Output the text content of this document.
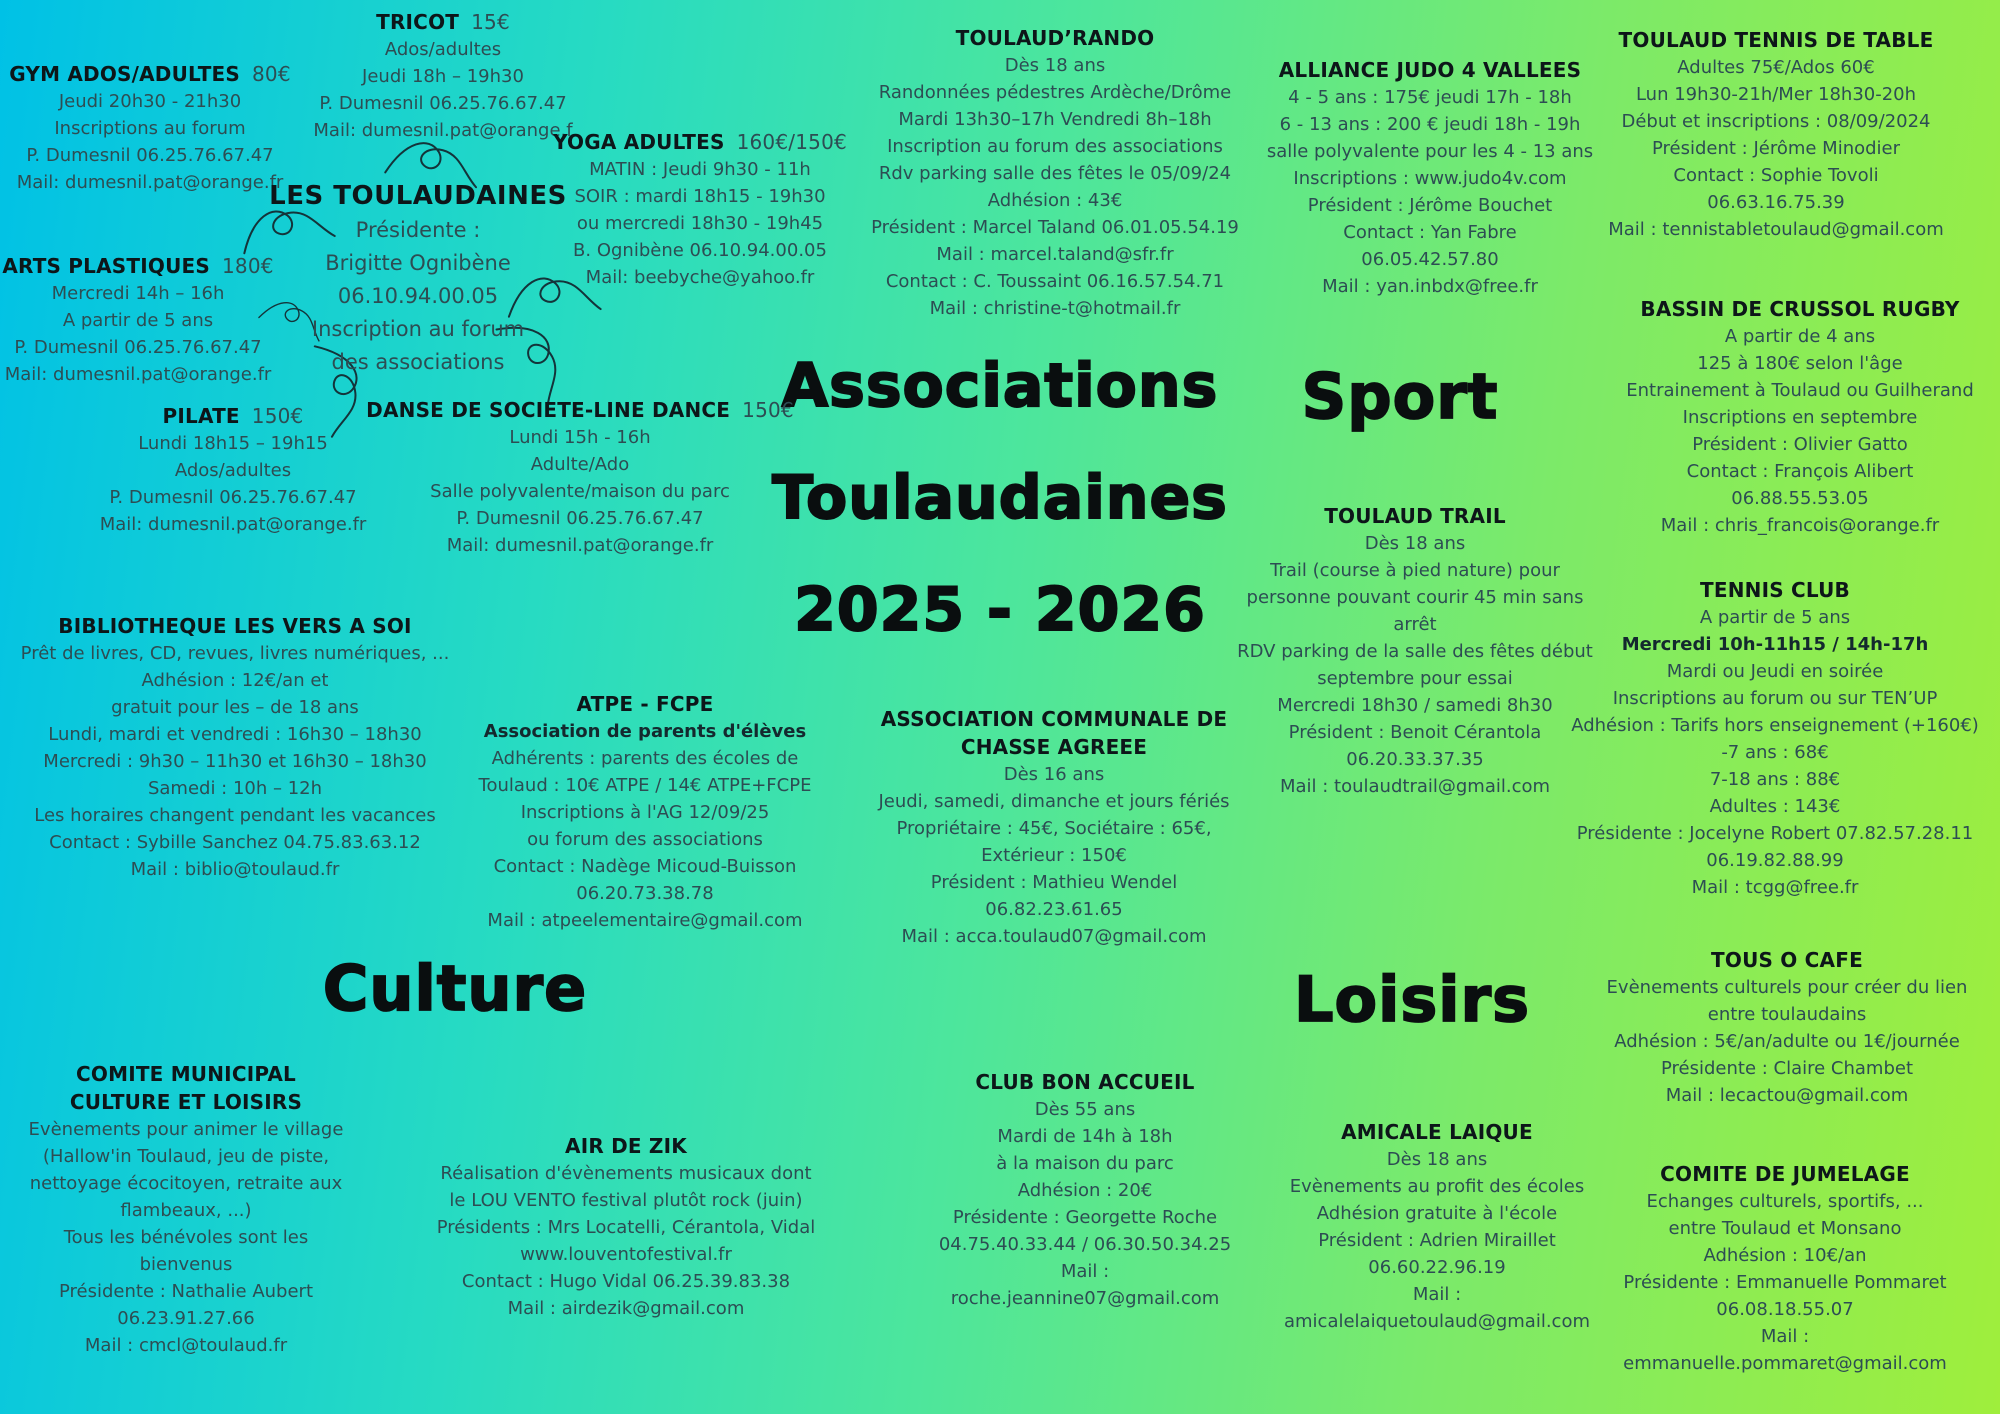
Associations
Toulaudaines
2025 - 2026
Culture
Sport
Loisirs
GYM ADOS/ADULTES 80€
Jeudi 20h30 - 21h30
Inscriptions au forum
P. Dumesnil 06.25.76.67.47
Mail: dumesnil.pat@orange.fr
TRICOT 15€
Ados/adultes
Jeudi 18h – 19h30
P. Dumesnil 06.25.76.67.47
Mail: dumesnil.pat@orange.f
ARTS PLASTIQUES 180€
Mercredi 14h – 16h
A partir de 5 ans
P. Dumesnil 06.25.76.67.47
Mail: dumesnil.pat@orange.fr
LES TOULAUDAINES
Présidente :
Brigitte Ognibène
06.10.94.00.05
Inscription au forum
des associations
YOGA ADULTES 160€/150€
MATIN : Jeudi 9h30 - 11h
SOIR : mardi 18h15 - 19h30
ou mercredi 18h30 - 19h45
B. Ognibène 06.10.94.00.05
Mail: beebyche@yahoo.fr
PILATE 150€
Lundi 18h15 – 19h15
Ados/adultes
P. Dumesnil 06.25.76.67.47
Mail: dumesnil.pat@orange.fr
DANSE DE SOCIETE-LINE DANCE 150€
Lundi 15h - 16h
Adulte/Ado
Salle polyvalente/maison du parc
P. Dumesnil 06.25.76.67.47
Mail: dumesnil.pat@orange.fr
BIBLIOTHEQUE LES VERS A SOI
Prêt de livres, CD, revues, livres numériques, ...
Adhésion : 12€/an et
gratuit pour les – de 18 ans
Lundi, mardi et vendredi : 16h30 – 18h30
Mercredi : 9h30 – 11h30 et 16h30 – 18h30
Samedi : 10h – 12h
Les horaires changent pendant les vacances
Contact : Sybille Sanchez 04.75.83.63.12
Mail : biblio@toulaud.fr
ATPE - FCPE
Association de parents d'élèves
Adhérents : parents des écoles de
Toulaud : 10€ ATPE / 14€ ATPE+FCPE
Inscriptions à l'AG 12/09/25
ou forum des associations
Contact : Nadège Micoud-Buisson
06.20.73.38.78
Mail : atpeelementaire@gmail.com
COMITE MUNICIPAL
CULTURE ET LOISIRS
Evènements pour animer le village
(Hallow'in Toulaud, jeu de piste,
nettoyage écocitoyen, retraite aux
flambeaux, ...)
Tous les bénévoles sont les
bienvenus
Présidente : Nathalie Aubert
06.23.91.27.66
Mail : cmcl@toulaud.fr
AIR DE ZIK
Réalisation d'évènements musicaux dont
le LOU VENTO festival plutôt rock (juin)
Présidents : Mrs Locatelli, Cérantola, Vidal
www.louventofestival.fr
Contact : Hugo Vidal 06.25.39.83.38
Mail : airdezik@gmail.com
TOULAUD’RANDO
Dès 18 ans
Randonnées pédestres Ardèche/Drôme
Mardi 13h30–17h Vendredi 8h–18h
Inscription au forum des associations
Rdv parking salle des fêtes le 05/09/24
Adhésion : 43€
Président : Marcel Taland 06.01.05.54.19
Mail : marcel.taland@sfr.fr
Contact : C. Toussaint 06.16.57.54.71
Mail : christine-t@hotmail.fr
ASSOCIATION COMMUNALE DE
CHASSE AGREEE
Dès 16 ans
Jeudi, samedi, dimanche et jours fériés
Propriétaire : 45€, Sociétaire : 65€,
Extérieur : 150€
Président : Mathieu Wendel
06.82.23.61.65
Mail : acca.toulaud07@gmail.com
CLUB BON ACCUEIL
Dès 55 ans
Mardi de 14h à 18h
à la maison du parc
Adhésion : 20€
Présidente : Georgette Roche
04.75.40.33.44 / 06.30.50.34.25
Mail :
roche.jeannine07@gmail.com
ALLIANCE JUDO 4 VALLEES
4 - 5 ans : 175€ jeudi 17h - 18h
6 - 13 ans : 200 € jeudi 18h - 19h
salle polyvalente pour les 4 - 13 ans
Inscriptions : www.judo4v.com
Président : Jérôme Bouchet
Contact : Yan Fabre
06.05.42.57.80
Mail : yan.inbdx@free.fr
TOULAUD TRAIL
Dès 18 ans
Trail (course à pied nature) pour
personne pouvant courir 45 min sans
arrêt
RDV parking de la salle des fêtes début
septembre pour essai
Mercredi 18h30 / samedi 8h30
Président : Benoit Cérantola
06.20.33.37.35
Mail : toulaudtrail@gmail.com
AMICALE LAIQUE
Dès 18 ans
Evènements au profit des écoles
Adhésion gratuite à l'école
Président : Adrien Miraillet
06.60.22.96.19
Mail :
amicalelaiquetoulaud@gmail.com
TOULAUD TENNIS DE TABLE
Adultes 75€/Ados 60€
Lun 19h30-21h/Mer 18h30-20h
Début et inscriptions : 08/09/2024
Président : Jérôme Minodier
Contact : Sophie Tovoli
06.63.16.75.39
Mail : tennistabletoulaud@gmail.com
BASSIN DE CRUSSOL RUGBY
A partir de 4 ans
125 à 180€ selon l'âge
Entrainement à Toulaud ou Guilherand
Inscriptions en septembre
Président : Olivier Gatto
Contact : François Alibert
06.88.55.53.05
Mail : chris_francois@orange.fr
TENNIS CLUB
A partir de 5 ans
Mercredi 10h-11h15 / 14h-17h
Mardi ou Jeudi en soirée
Inscriptions au forum ou sur TEN’UP
Adhésion : Tarifs hors enseignement (+160€)
-7 ans : 68€
7-18 ans : 88€
Adultes : 143€
Présidente : Jocelyne Robert 07.82.57.28.11
06.19.82.88.99
Mail : tcgg@free.fr
TOUS O CAFE
Evènements culturels pour créer du lien
entre toulaudains
Adhésion : 5€/an/adulte ou 1€/journée
Présidente : Claire Chambet
Mail : lecactou@gmail.com
COMITE DE JUMELAGE
Echanges culturels, sportifs, ...
entre Toulaud et Monsano
Adhésion : 10€/an
Présidente : Emmanuelle Pommaret
06.08.18.55.07
Mail :
emmanuelle.pommaret@gmail.com
